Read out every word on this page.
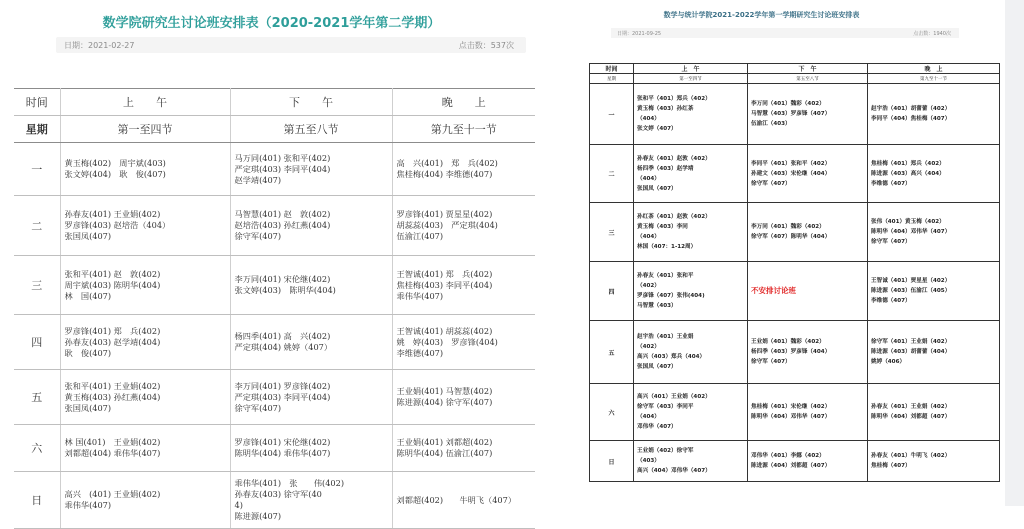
数学院研究生讨论班安排表（2020-2021学年第二学期）
日期：2021-02-27	点击数：537次
时间	上　　午	下　　午	晚　　上
星期	第一至四节	第五至八节	第九至十一节
一	黄玉梅(402)　周宇斌(403)
张文婷(404)　耿　俊(407)	马万同(401) 张和平(402)
严定琪(403) 李同平(404)
赵学靖(407)	高　兴(401)　郑　兵(402)
焦桂梅(404) 李维德(407)

二	孙春友(401) 王业娟(402)
罗彦锋(403) 赵培浩（404）
张国凤(407)	马智慧(401) 赵　敦(402)
赵培浩(403) 孙红燕(404)
徐守军(407)	罗彦锋(401) 贾星星(402)
胡蕊蕊(403)　严定琪(404)
伍渝江(407)

三	张和平(401) 赵　敦(402)
周宇斌(403) 陈明华(404)
林　国(407)	李万同(401) 宋伦继(402)
张文婷(403)　陈明华(404)	王智诚(401) 郑　兵(402)
焦桂梅(403) 李同平(404)
乖伟华(407)

四	罗彦锋(401) 郑　兵(402)
孙春友(403) 赵学靖(404)
耿　俊(407)	杨四季(401) 高　兴(402)
严定琪(404) 姚婷（407）	王智诚(401) 胡蕊蕊(402)
姚　婷(403)　罗彦锋(404)
李维德(407)

五	张和平(401) 王业娟(402)
黄玉梅(403) 孙红燕(404)
张国凤(407)	李万同(401) 罗彦锋(402)
严定琪(403) 李同平(404)
徐守军(407)	王业娟(401) 马智慧(402)
陈进源(404) 徐守军(407)

六	林 国(401)　王业娟(402)
刘都超(404) 乖伟华(407)	罗彦锋(401) 宋伦继(402)
陈明华(404) 乖伟华(407)	王业娟(401) 刘都超(402)
陈明华(404) 伍渝江(407)

日	高兴　(401) 王业娟(402)
乖伟华(407)	乖伟华(401)　张　　伟(402)
孙春友(403) 徐守军(40
4)
陈进源(407)	刘都超(402)　　牛明飞（407）
数学与统计学院2021-2022学年第一学期研究生讨论班安排表
日期：2021-09-25	点击数：1940次
时间	上　午	下　午	晚　上
星期	第一至四节	第五至八节	第九至十一节
一	张和平（401）郑兵（402）
黄玉梅（403）孙红茶
（404）
张文婷（407）	李万同（401）魏彩（402）
马智慧（403）罗彦锋（407）
伍渝江（403）	赵宇浩（401）胡蕾蕾（402）
李同平（404）焦桂梅（407）

二	孙春友（401）赵敦（402）
杨四季（403）赵学靖
（404）
张国凤（407）	李同平（401）张和平（402）
孙建文（403）宋伦继（404）
徐守军（407）	焦桂梅（401）郑兵（402）
陈进源（403）高兴（404）
李维德（407）

三	孙红茶（401）赵敦（402）
黄玉梅（403）李同
（404）
林国（407：1-12周）	李万同（401）魏彩（402）
徐守军（407）陈明华（404）	张伟（401）黄玉梅（402）
陈明华（404）邓伟华（407）
徐守军（407）

四	孙春友（401）张和平
（402）
罗彦锋（407）张伟(404)
马智慧（403）	不安排讨论班	王智诚（401）贾星星（402）
陈进源（403）伍渝江（405）
李维德（407）

五	赵宇浩（401）王业娟
（402）
高兴（403）郑兵（404）
张国凤（407）	王业娟（401）魏彩（402）
杨四季（403）罗彦锋（404）
徐守军（407）	徐守军（401）王业娟（402）
陈进源（403）胡蕾蕾（404）
姚婷（406）

六	高兴（401）王业娟（402）
徐守军（403）李同平
（404）
邓伟华（407）	焦桂梅（401）宋伦继（402）
陈明华（404）邓伟华（407）	孙春友（401）王业娟（402）
陈明华（404）刘都超（407）

日	王业娟（402）徐守军
（403）
高兴（404）邓伟华（407）	邓伟华（401）李娜（402）
陈进源（404）刘都超（407）	孙春友（401）牛明飞（402）
焦桂梅（407）
